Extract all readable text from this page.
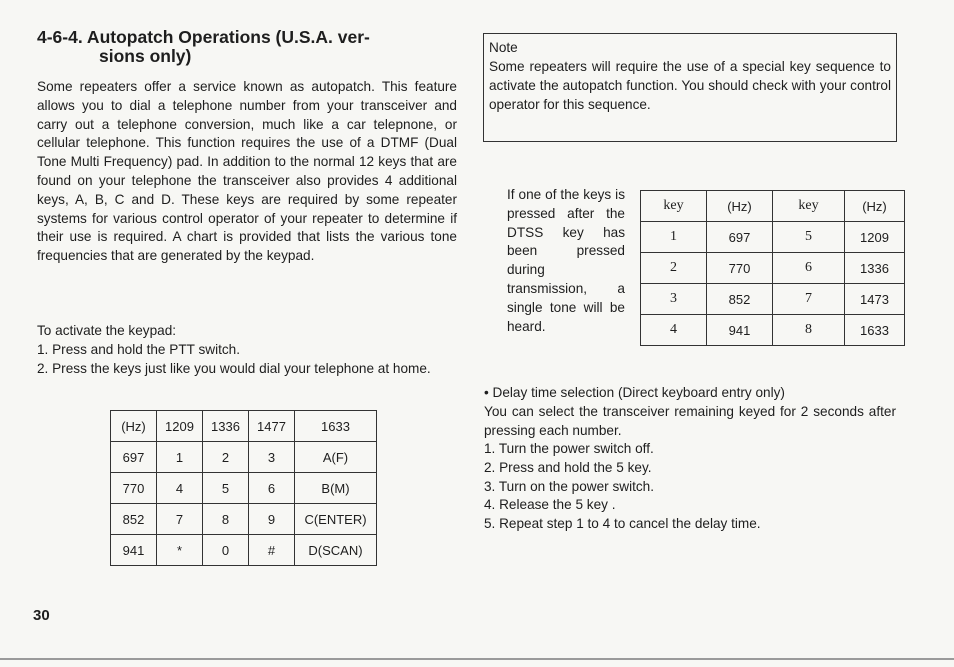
4-6-4. Autopatch Operations (U.S.A. ver-
sions only)

Some repeaters offer a service known as autopatch. This feature allows you to dial a telephone number from your transceiver and carry out a telephone conversion, much like a car telepnone, or cellular telephone. This function requires the use of a DTMF (Dual Tone Multi Frequency) pad. In addition to the normal 12 keys that are found on your telephone the transceiver also provides 4 additional keys, A, B, C and D. These keys are required by some repeater systems for various control operator of your repeater to determine if their use is required. A chart is provided that lists the various tone frequencies that are generated by the keypad.

To activate the keypad:

1. Press and hold the PTT switch.
2. Press the keys just like you would dial your telephone at home.
(Hz)	1209	1336	1477	1633
697	1	2	3	A(F)
770	4	5	6	B(M)
852	7	8	9	C(ENTER)
941	*	0	#	D(SCAN)
Note
Some repeaters will require the use of a special key sequence to activate the autopatch function. You should check with your control operator for this sequence.

If one of the keys is pressed after the DTSS key has been pressed during transmission, a single tone will be heard.

key	(Hz)	key	(Hz)
1	697	5	1209
2	770	6	1336
3	852	7	1473
4	941	8	1633

• Delay time selection (Direct keyboard entry only)

You can select the transceiver remaining keyed for 2 seconds after pressing each number.

1. Turn the power switch off.
2. Press and hold the 5 key.
3. Turn on the power switch.
4. Release the 5 key .
5. Repeat step 1 to 4 to cancel the delay time.

30
